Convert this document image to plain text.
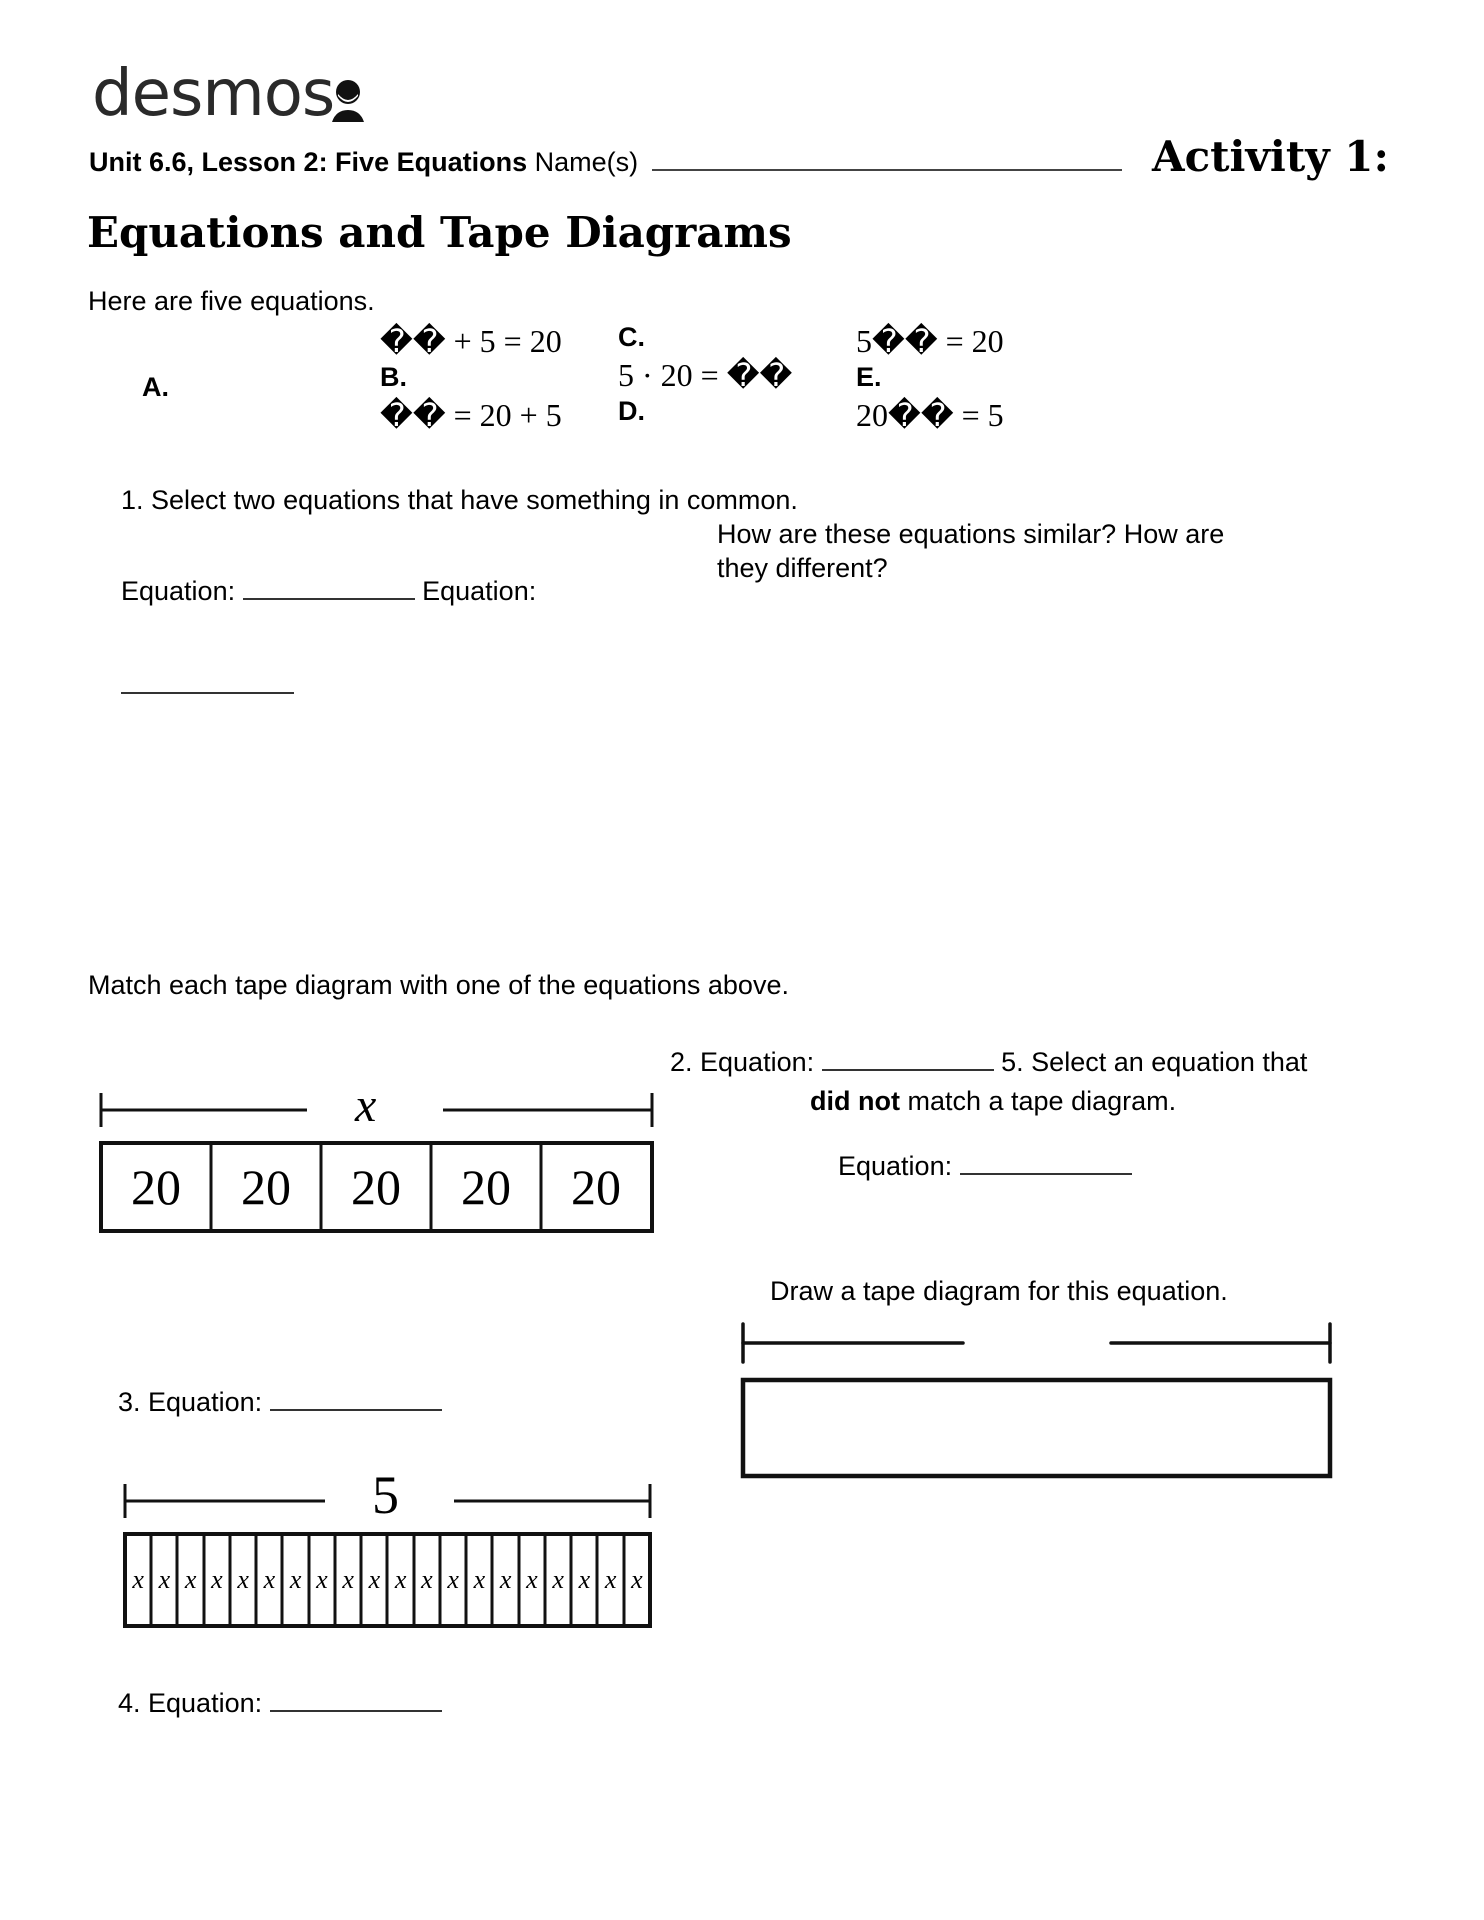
desmos
Unit 6.6, Lesson 2: Five Equations Name(s)	Activity 1:
Equations and Tape Diagrams
Here are five equations.
A.
�� + 5 = 20
B.
�� = 20 + 5
C.
5 · 20 = ��
D.
5�� = 20
E.
20�� = 5
1. Select two equations that have something in common.
How are these equations similar? How are
they different?
Equation:	Equation:
Match each tape diagram with one of the equations above.
2. Equation:	5. Select an equation that
did not match a tape diagram.
Equation:
Draw a tape diagram for this equation.
x
20	20	20	20	20
3. Equation:
5
x x x x x x x x x x x x x x x x x x x x
4. Equation:
